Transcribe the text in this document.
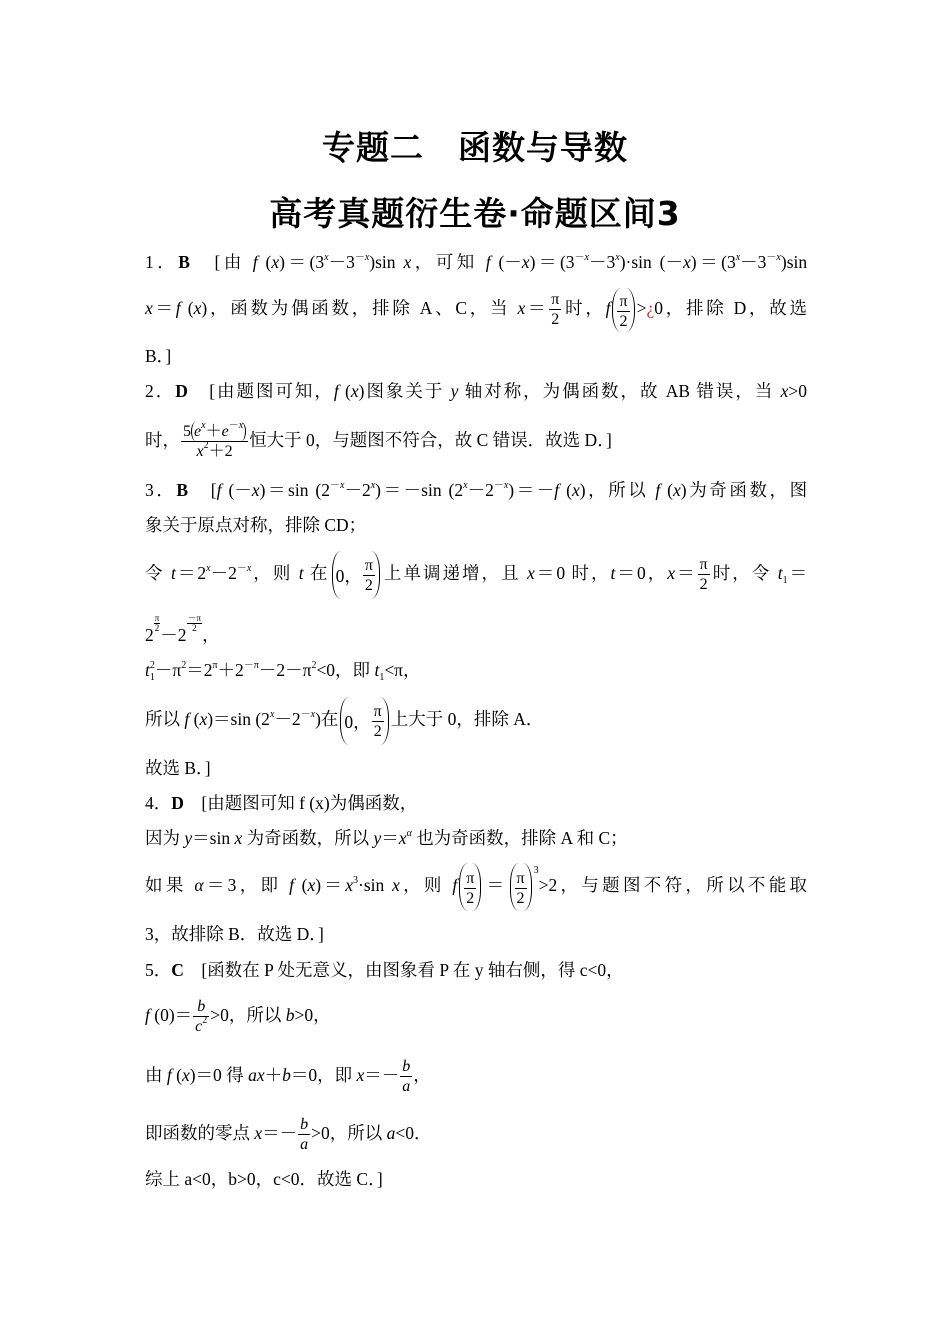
专题二　函数与导数
高考真题衍生卷·命题区间3
1．B　[由 f $(x)=(3^x-3^{-x})\sin$ x，可知 f $(-x)=(3^{-x}-3^x)\cdot\sin$ $(-x)=(3^x-3^{-x})\sin$
x＝f (x)，函数为偶函数，排除 A、C，当 $x= \frac{\pi}{2}$ 时，f $\frac{\pi}{2}$ >¿0，排除 D，故选
B．]
2．D　[由题图可知，f (x)图象关于 y 轴对称，为偶函数，故 AB 错误，当 x>0
时， $\frac{5 e^x+e^{-x}}{x^2+2}$ 恒大于 0，与题图不符合，故 C 错误．故选 D．]
3．B　[f (－x)＝sin $(2^{-x}-2^x)=-\sin$ $(2^x-2^{-x})=-f$ (x)，所以 f (x)为奇函数，图
象关于原点对称，排除 CD；
令 $t=2^x-2^{-x}$，则 t 在 0， $\frac{\pi}{2}$ 上单调递增，且 x＝0 时，t＝0，$x= \frac{\pi}{2}$ 时，令 $t_1=$
2
$\frac{\pi}{2}$
－2
$\frac{-\pi}{2}$
，
$t^2_1-\pi^2=2^\pi+2^{-\pi}-2-\pi^2<0$，即 $t_1<\pi$，
所以 f (x)＝sin $(2^x-2^{-x})$在 0， $\frac{\pi}{2}$ 上大于 0，排除 A．
故选 B．]
4．D　 [由题图可知 f (x)为偶函数，
因为 y＝sin x 为奇函数，所以 $y=x^\alpha$ 也为奇函数，排除 A 和 C；
如果 α＝3，即 f $(x)=x^3\cdot\sin$ x，则 f $\frac{\pi}{2} = \frac{\pi}{2} ^3>2$，与题图不符，所以不能取
3，故排除 B．故选 D．]
5．C　 [函数在 P 处无意义，由图象看 P 在 y 轴右侧，得 c<0，
f $(0)= \frac{b}{c^2} >0$，所以 b>0，
由 f (x)＝0 得 ax＋b＝0，即 $x=- \frac{b}{a}$ ，
即函数的零点 $x=- \frac{b}{a} >0$，所以 a<0．
综上 a<0，b>0，c<0．故选 C．]
